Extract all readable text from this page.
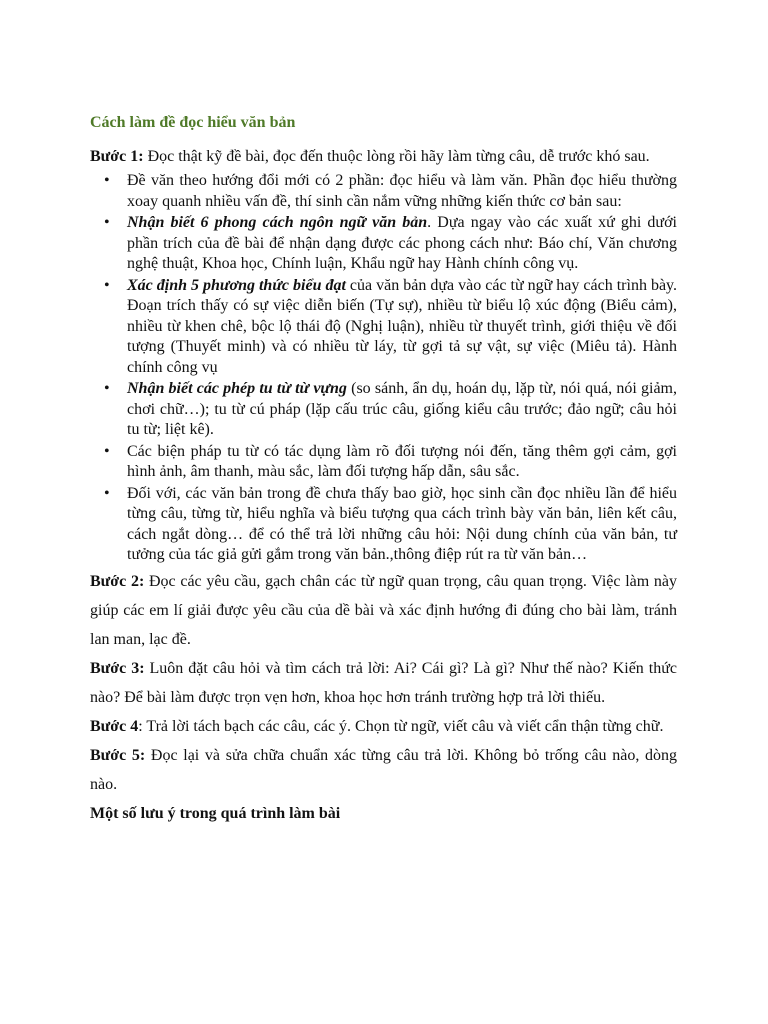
Cách làm đề đọc hiểu văn bản

Bước 1: Đọc thật kỹ đề bài, đọc đến thuộc lòng rồi hãy làm từng câu, dễ trước khó sau.

• Đề văn theo hướng đổi mới có 2 phần: đọc hiểu và làm văn. Phần đọc hiểu thường xoay quanh nhiều vấn đề, thí sinh cần nắm vững những kiến thức cơ bản sau:
• Nhận biết 6 phong cách ngôn ngữ văn bản. Dựa ngay vào các xuất xứ ghi dưới phần trích của đề bài để nhận dạng được các phong cách như: Báo chí, Văn chương nghệ thuật, Khoa học, Chính luận, Khẩu ngữ hay Hành chính công vụ.
• Xác định 5 phương thức biểu đạt của văn bản dựa vào các từ ngữ hay cách trình bày. Đoạn trích thấy có sự việc diễn biến (Tự sự), nhiều từ biểu lộ xúc động (Biểu cảm), nhiều từ khen chê, bộc lộ thái độ (Nghị luận), nhiều từ thuyết trình, giới thiệu về đối tượng (Thuyết minh) và có nhiều từ láy, từ gợi tả sự vật, sự việc (Miêu tả). Hành chính công vụ
• Nhận biết các phép tu từ từ vựng (so sánh, ẩn dụ, hoán dụ, lặp từ, nói quá, nói giảm, chơi chữ…); tu từ cú pháp (lặp cấu trúc câu, giống kiểu câu trước; đảo ngữ; câu hỏi tu từ; liệt kê).
• Các biện pháp tu từ có tác dụng làm rõ đối tượng nói đến, tăng thêm gợi cảm, gợi hình ảnh, âm thanh, màu sắc, làm đối tượng hấp dẫn, sâu sắc.
• Đối với, các văn bản trong đề chưa thấy bao giờ, học sinh cần đọc nhiều lần để hiểu từng câu, từng từ, hiểu nghĩa và biểu tượng qua cách trình bày văn bản, liên kết câu, cách ngắt dòng… để có thể trả lời những câu hỏi: Nội dung chính của văn bản, tư tưởng của tác giả gửi gắm trong văn bản.,thông điệp rút ra từ văn bản…

Bước 2: Đọc các yêu cầu, gạch chân các từ ngữ quan trọng, câu quan trọng. Việc làm này giúp các em lí giải được yêu cầu của dề bài và xác định hướng đi đúng cho bài làm, tránh lan man, lạc đề.

Bước 3: Luôn đặt câu hỏi và tìm cách trả lời: Ai? Cái gì? Là gì? Như thế nào? Kiến thức nào? Để bài làm được trọn vẹn hơn, khoa học hơn tránh trường hợp trả lời thiếu.

Bước 4: Trả lời tách bạch các câu, các ý. Chọn từ ngữ, viết câu và viết cẩn thận từng chữ.

Bước 5: Đọc lại và sửa chữa chuẩn xác từng câu trả lời. Không bỏ trống câu nào, dòng nào.

Một số lưu ý trong quá trình làm bài
